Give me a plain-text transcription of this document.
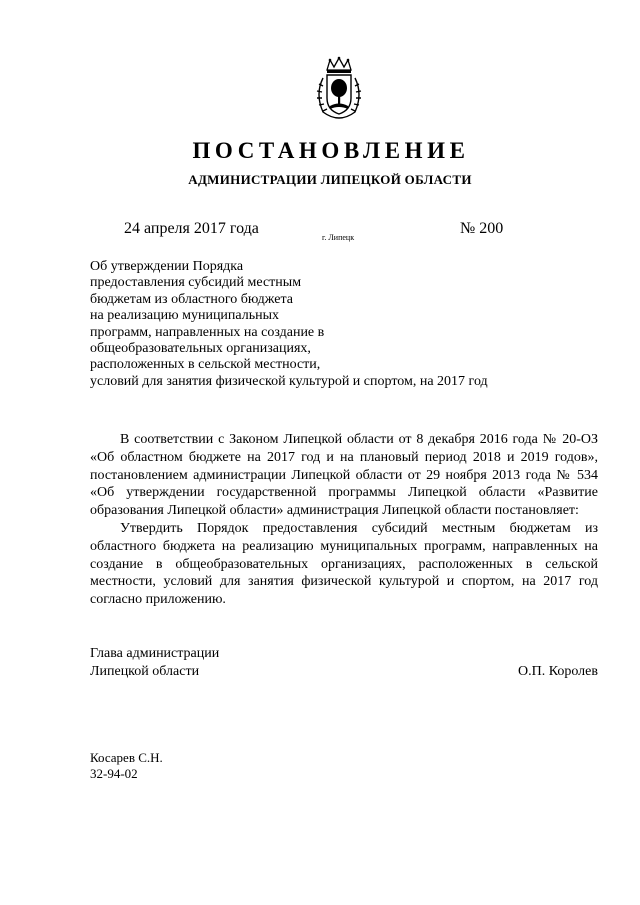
ПОСТАНОВЛЕНИЕ
АДМИНИСТРАЦИИ ЛИПЕЦКОЙ ОБЛАСТИ
24 апреля 2017 года
г. Липецк
№ 200
Об утверждении Порядка
предоставления субсидий местным
бюджетам из областного бюджета
на реализацию муниципальных
программ, направленных на создание в
общеобразовательных организациях,
расположенных в сельской местности,
условий для занятия физической культурой и спортом, на 2017 год

В соответствии с Законом Липецкой области от 8 декабря 2016 года № 20-ОЗ «Об областном бюджете на 2017 год и на плановый период 2018 и 2019 годов», постановлением администрации Липецкой области от 29 ноября 2013 года № 534 «Об утверждении государственной программы Липецкой области «Развитие образования Липецкой области» администрация Липецкой области постановляет:

Утвердить Порядок предоставления субсидий местным бюджетам из областного бюджета на реализацию муниципальных программ, направленных на создание в общеобразовательных организациях, расположенных в сельской местности, условий для занятия физической культурой и спортом, на 2017 год согласно приложению.

Глава администрации
Липецкой области	О.П. Королев
Косарев С.Н.
32-94-02
